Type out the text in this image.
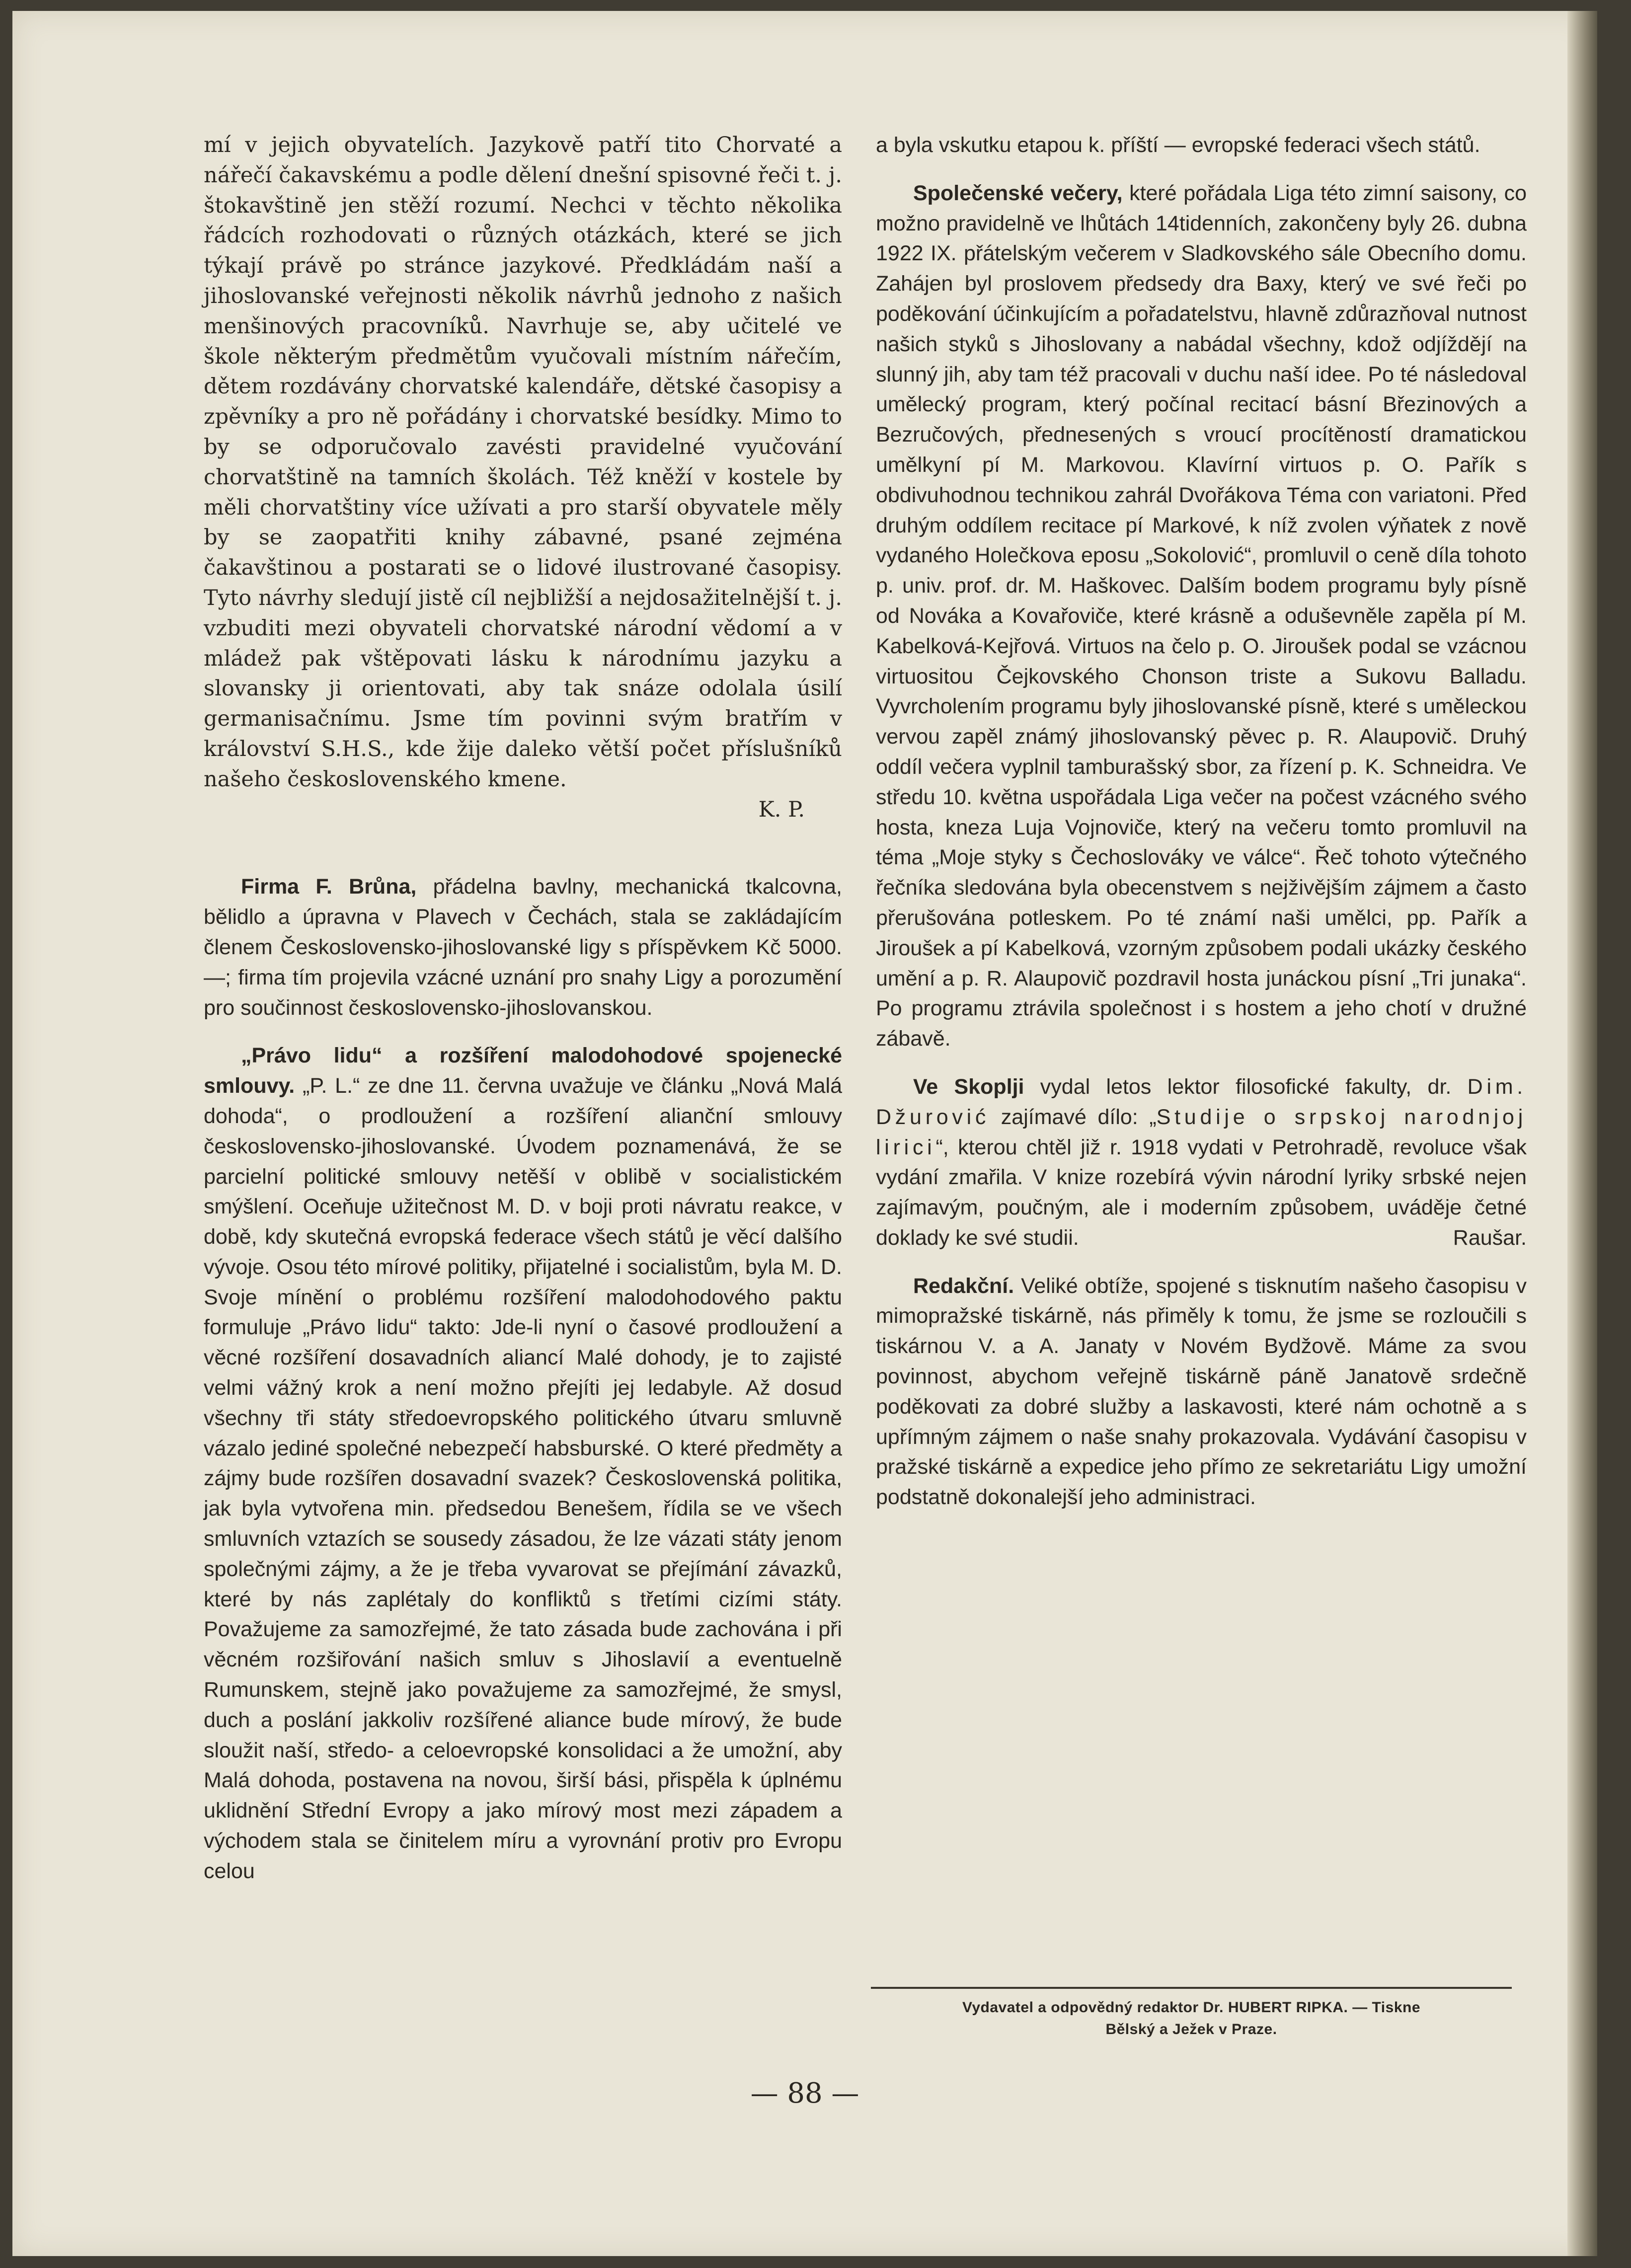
mí v jejich obyvatelích. Jazykově patří tito Chorvaté a nářečí čakavskému a podle dělení dnešní spisovné řeči t. j. štokavštině jen stěží rozumí. Nechci v těchto několika řádcích rozhodovati o různých otázkách, které se jich týkají právě po stránce jazykové. Předkládám naší a jihoslovanské veřejnosti několik návrhů jednoho z našich menšinových pracovníků. Navrhuje se, aby učitelé ve škole některým předmětům vyučovali místním nářečím, dětem rozdávány chorvatské kalendáře, dětské časopisy a zpěvníky a pro ně pořádány i chorvatské besídky. Mimo to by se odporučovalo zavésti pravidelné vyučování chorvatštině na tamních školách. Též kněží v kostele by měli chorvatštiny více užívati a pro starší obyvatele měly by se zaopatřiti knihy zábavné, psané zejména čakavštinou a postarati se o lidové ilustrované časopisy. Tyto návrhy sledují jistě cíl nejbližší a nejdosažitelnější t. j. vzbuditi mezi obyvateli chorvatské národní vědomí a v mládež pak vštěpovati lásku k národnímu jazyku a slovansky ji orientovati, aby tak snáze odolala úsilí germanisačnímu. Jsme tím povinni svým bratřím v království S.H.S., kde žije daleko větší počet příslušníků našeho československého kmene.

K. P.

Firma F. Brůna, přádelna bavlny, mechanická tkalcovna, bělidlo a úpravna v Plavech v Čechách, stala se zakládajícím členem Československo-jihoslovanské ligy s příspěvkem Kč 5000.—; firma tím projevila vzácné uznání pro snahy Ligy a porozumění pro součinnost československo-jihoslovanskou.

„Právo lidu“ a rozšíření malodohodové spojenecké smlouvy. „P. L.“ ze dne 11. června uvažuje ve článku „Nová Malá dohoda“, o prodloužení a rozšíření alianční smlouvy československo-jihoslovanské. Úvodem poznamenává, že se parcielní politické smlouvy netěší v oblibě v socialistickém smýšlení. Oceňuje užitečnost M. D. v boji proti návratu reakce, v době, kdy skutečná evropská federace všech států je věcí dalšího vývoje. Osou této mírové politiky, přijatelné i socialistům, byla M. D. Svoje mínění o problému rozšíření malodohodového paktu formuluje „Právo lidu“ takto: Jde-li nyní o časové prodloužení a věcné rozšíření dosavadních aliancí Malé dohody, je to zajisté velmi vážný krok a není možno přejíti jej ledabyle. Až dosud všechny tři státy středoevropského politického útvaru smluvně vázalo jediné společné nebezpečí habsburské. O které předměty a zájmy bude rozšířen dosavadní svazek? Československá politika, jak byla vytvořena min. předsedou Benešem, řídila se ve všech smluvních vztazích se sousedy zásadou, že lze vázati státy jenom společnými zájmy, a že je třeba vyvarovat se přejímání závazků, které by nás zaplétaly do konfliktů s třetími cizími státy. Považujeme za samozřejmé, že tato zásada bude zachována i při věcném rozšiřování našich smluv s Jihoslavií a eventuelně Rumunskem, stejně jako považujeme za samozřejmé, že smysl, duch a poslání jakkoliv rozšířené aliance bude mírový, že bude sloužit naší, středo- a celoevropské konsolidaci a že umožní, aby Malá dohoda, postavena na novou, širší bási, přispěla k úplnému uklidnění Střední Evropy a jako mírový most mezi západem a východem stala se činitelem míru a vyrovnání protiv pro Evropu celou

a byla vskutku etapou k. příští — evropské federaci všech států.

Společenské večery, které pořádala Liga této zimní saisony, co možno pravidelně ve lhůtách 14tidenních, zakončeny byly 26. dubna 1922 IX. přátelským večerem v Sladkovského sále Obecního domu. Zahájen byl proslovem předsedy dra Baxy, který ve své řeči po poděkování účinkujícím a pořadatelstvu, hlavně zdůrazňoval nutnost našich styků s Jihoslovany a nabádal všechny, kdož odjíždějí na slunný jih, aby tam též pracovali v duchu naší idee. Po té následoval umělecký program, který počínal recitací básní Březinových a Bezručových, přednesených s vroucí procítěností dramatickou umělkyní pí M. Markovou. Klavírní virtuos p. O. Pařík s obdivuhodnou technikou zahrál Dvořákova Téma con variatoni. Před druhým oddílem recitace pí Markové, k níž zvolen výňatek z nově vydaného Holečkova eposu „Sokolović“, promluvil o ceně díla tohoto p. univ. prof. dr. M. Haškovec. Dalším bodem programu byly písně od Nováka a Kovařoviče, které krásně a oduševněle zapěla pí M. Kabelková-Kejřová. Virtuos na čelo p. O. Jiroušek podal se vzácnou virtuositou Čejkovského Chonson triste a Sukovu Balladu. Vyvrcholením programu byly jihoslovanské písně, které s uměleckou vervou zapěl známý jihoslovanský pěvec p. R. Alaupovič. Druhý oddíl večera vyplnil tamburašský sbor, za řízení p. K. Schneidra. Ve středu 10. května uspořádala Liga večer na počest vzácného svého hosta, kneza Luja Vojnoviče, který na večeru tomto promluvil na téma „Moje styky s Čechoslováky ve válce“. Řeč tohoto výtečného řečníka sledována byla obecenstvem s nejživějším zájmem a často přerušována potleskem. Po té známí naši umělci, pp. Pařík a Jiroušek a pí Kabelková, vzorným způsobem podali ukázky českého umění a p. R. Alaupovič pozdravil hosta junáckou písní „Tri junaka“. Po programu ztrávila společnost i s hostem a jeho chotí v družné zábavě.

Ve Skoplji vydal letos lektor filosofické fakulty, dr. Dim. Džurović zajímavé dílo: „Studije o srpskoj narodnjoj lirici“, kterou chtěl již r. 1918 vydati v Petrohradě, revoluce však vydání zmařila. V knize rozebírá vývin národní lyriky srbské nejen zajímavým, poučným, ale i moderním způsobem, uváděje četné doklady ke své studii.	Raušar.

Redakční. Veliké obtíže, spojené s tisknutím našeho časopisu v mimopražské tiskárně, nás přiměly k tomu, že jsme se rozloučili s tiskárnou V. a A. Janaty v Novém Bydžově. Máme za svou povinnost, abychom veřejně tiskárně páně Janatově srdečně poděkovati za dobré služby a laskavosti, které nám ochotně a s upřímným zájmem o naše snahy prokazovala. Vydávání časopisu v pražské tiskárně a expedice jeho přímo ze sekretariátu Ligy umožní podstatně dokonalejší jeho administraci.

Vydavatel a odpovědný redaktor Dr. HUBERT RIPKA. — Tiskne
Bělský a Ježek v Praze.
— 88 —
